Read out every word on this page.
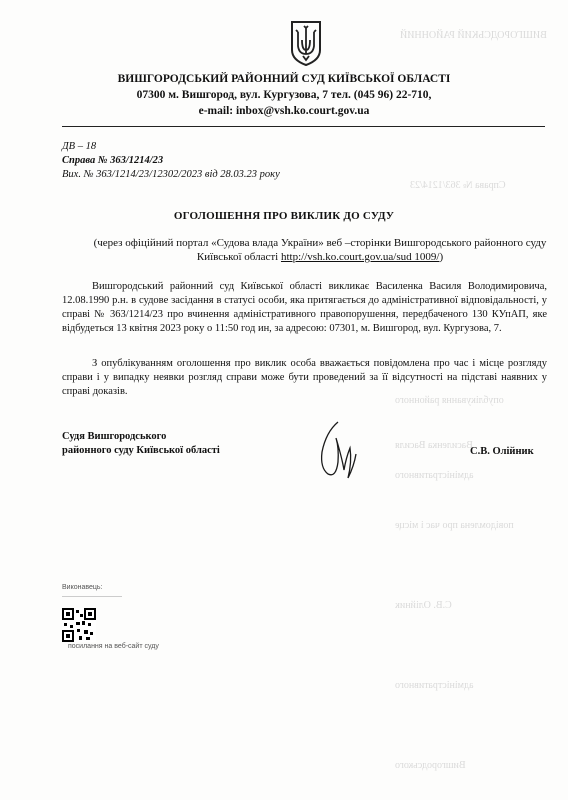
ВИШГОРОДСЬКИЙ РАЙОННИЙ
Справа № 363/1214/23
опублікування районного
Василенка Василя
адміністративного
повідомлена про час і місце
С.В. Олійник
адміністративного
Вишгородського
ВИШГОРОДСЬКИЙ РАЙОННИЙ СУД КИЇВСЬКОЇ ОБЛАСТІ
07300 м. Вишгород, вул. Кургузова, 7 тел. (045 96) 22-710,
e-mail: inbox@vsh.ko.court.gov.ua
ДВ – 18
Справа № 363/1214/23
Вих. № 363/1214/23/12302/2023 від 28.03.23 року
ОГОЛОШЕННЯ ПРО ВИКЛИК ДО СУДУ
(через офіційний портал «Судова влада України» веб –сторінки Вишгородського районного суду Київської області http://vsh.ko.court.gov.ua/sud 1009/)
Вишгородський районний суд Київської області викликає Василенка Василя Володимировича, 12.08.1990 р.н. в судове засідання в статусі особи, яка притягається до адміністративної відповідальності, у справі № 363/1214/23 про вчинення адміністративного правопорушення, передбаченого 130 КУпАП, яке відбудеться 13 квітня 2023 року о 11:50 год ин, за адресою: 07301, м. Вишгород, вул. Кургузова, 7.
З опублікуванням оголошення про виклик особа вважається повідомлена про час і місце розгляду справи і у випадку неявки розгляд справи може бути проведений за її відсутності на підставі наявних у справі доказів.
Судя Вишгородського
районного суду Київської області	С.В. Олійник
Виконавець:
посилання на веб-сайт суду
